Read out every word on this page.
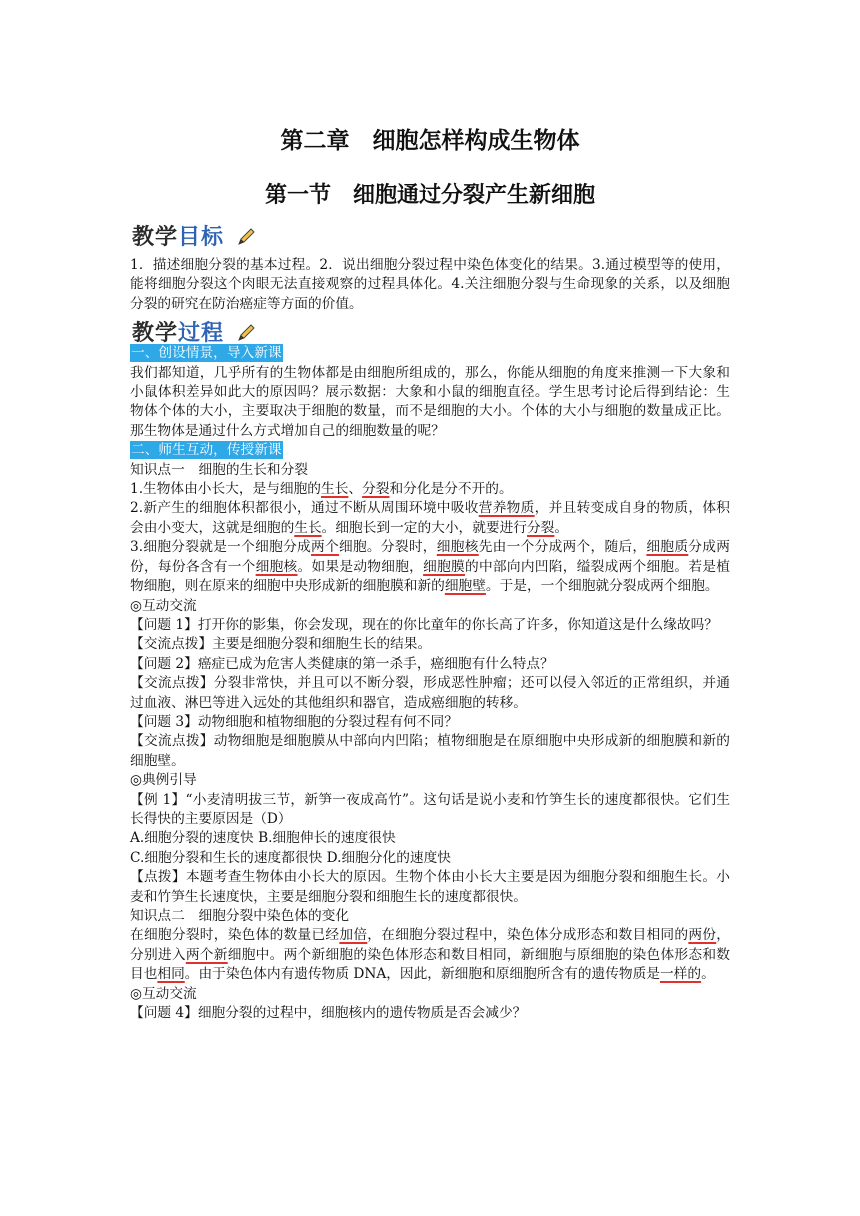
第二章　细胞怎样构成生物体
第一节　细胞通过分裂产生新细胞
教学目标

1．描述细胞分裂的基本过程。2．说出细胞分裂过程中染色体变化的结果。3.通过模型等的使用，能将细胞分裂这个肉眼无法直接观察的过程具体化。4.关注细胞分裂与生命现象的关系，以及细胞分裂的研究在防治癌症等方面的价值。

一、创设情景，导入新课

我们都知道，几乎所有的生物体都是由细胞所组成的，那么，你能从细胞的角度来推测一下大象和小鼠体积差异如此大的原因吗？展示数据：大象和小鼠的细胞直径。学生思考讨论后得到结论：生物体个体的大小，主要取决于细胞的数量，而不是细胞的大小。个体的大小与细胞的数量成正比。那生物体是通过什么方式增加自己的细胞数量的呢？

二、师生互动，传授新课

知识点一　细胞的生长和分裂

1.生物体由小长大，是与细胞的生长、分裂和分化是分不开的。

2.新产生的细胞体积都很小，通过不断从周围环境中吸收营养物质，并且转变成自身的物质，体积会由小变大，这就是细胞的生长。细胞长到一定的大小，就要进行分裂。

3.细胞分裂就是一个细胞分成两个细胞。分裂时，细胞核先由一个分成两个，随后，细胞质分成两份，每份各含有一个细胞核。如果是动物细胞，细胞膜的中部向内凹陷，缢裂成两个细胞。若是植物细胞，则在原来的细胞中央形成新的细胞膜和新的细胞壁。于是，一个细胞就分裂成两个细胞。

◎互动交流

【问题 1】打开你的影集，你会发现，现在的你比童年的你长高了许多，你知道这是什么缘故吗？

【交流点拨】主要是细胞分裂和细胞生长的结果。

【问题 2】癌症已成为危害人类健康的第一杀手，癌细胞有什么特点？

【交流点拨】分裂非常快，并且可以不断分裂，形成恶性肿瘤；还可以侵入邻近的正常组织，并通过血液、淋巴等进入远处的其他组织和器官，造成癌细胞的转移。

【问题 3】动物细胞和植物细胞的分裂过程有何不同？

【交流点拨】动物细胞是细胞膜从中部向内凹陷；植物细胞是在原细胞中央形成新的细胞膜和新的细胞壁。

◎典例引导

【例 1】“小麦清明拔三节，新笋一夜成高竹”。这句话是说小麦和竹笋生长的速度都很快。它们生长得快的主要原因是（D）

A.细胞分裂的速度快 B.细胞伸长的速度很快

C.细胞分裂和生长的速度都很快 D.细胞分化的速度快

【点拨】本题考查生物体由小长大的原因。生物个体由小长大主要是因为细胞分裂和细胞生长。小麦和竹笋生长速度快，主要是细胞分裂和细胞生长的速度都很快。

知识点二　细胞分裂中染色体的变化

在细胞分裂时，染色体的数量已经加倍，在细胞分裂过程中，染色体分成形态和数目相同的两份，分别进入两个新细胞中。两个新细胞的染色体形态和数目相同，新细胞与原细胞的染色体形态和数目也相同。由于染色体内有遗传物质 DNA，因此，新细胞和原细胞所含有的遗传物质是一样的。

◎互动交流

【问题 4】细胞分裂的过程中，细胞核内的遗传物质是否会减少？

教学过程
